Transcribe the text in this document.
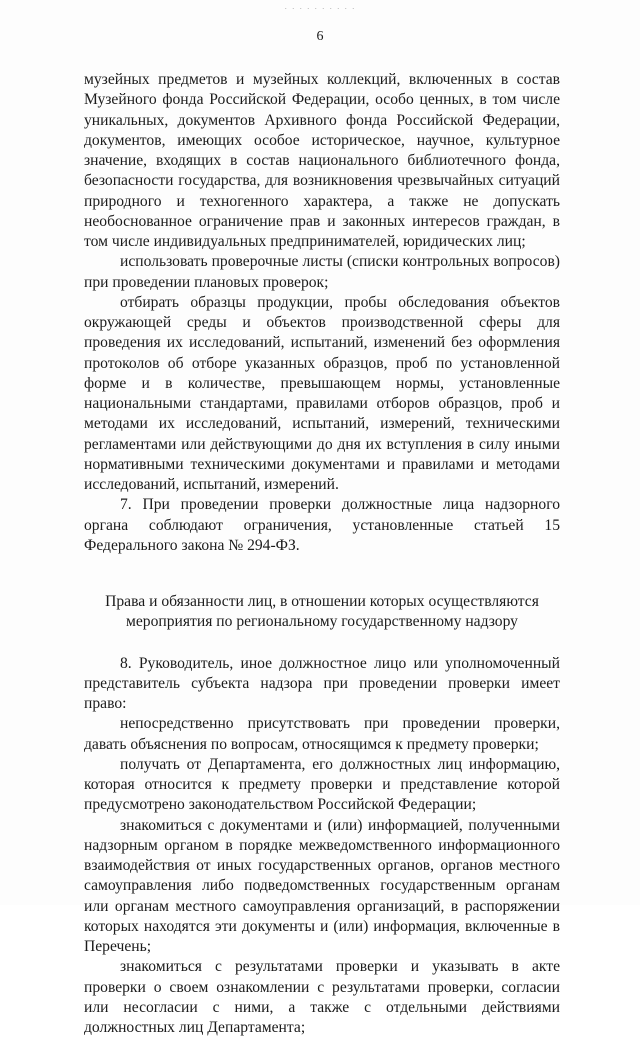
· · · · · · · · · ·
6

музейных предметов и музейных коллекций, включенных в состав Музейного фонда Российской Федерации, особо ценных, в том числе уникальных, документов Архивного фонда Российской Федерации, документов, имеющих особое историческое, научное, культурное значение, входящих в состав национального библиотечного фонда, безопасности государства, для возникновения чрезвычайных ситуаций природного и техногенного характера, а также не допускать необоснованное ограничение прав и законных интересов граждан, в том числе индивидуальных предпринимателей, юридических лиц;

использовать проверочные листы (списки контрольных вопросов) при проведении плановых проверок;

отбирать образцы продукции, пробы обследования объектов окружающей среды и объектов производственной сферы для проведения их исследований, испытаний, изменений без оформления протоколов об отборе указанных образцов, проб по установленной форме и в количестве, превышающем нормы, установленные национальными стандартами, правилами отборов образцов, проб и методами их исследований, испытаний, измерений, техническими регламентами или действующими до дня их вступления в силу иными нормативными техническими документами и правилами и методами исследований, испытаний, измерений.

7. При проведении проверки должностные лица надзорного органа соблюдают ограничения, установленные статьей 15 Федерального закона № 294-ФЗ.

Права и обязанности лиц, в отношении которых осуществляются
мероприятия по региональному государственному надзору

8. Руководитель, иное должностное лицо или уполномоченный представитель субъекта надзора при проведении проверки имеет право:

непосредственно присутствовать при проведении проверки, давать объяснения по вопросам, относящимся к предмету проверки;

получать от Департамента, его должностных лиц информацию, которая относится к предмету проверки и представление которой предусмотрено законодательством Российской Федерации;

знакомиться с документами и (или) информацией, полученными надзорным органом в порядке межведомственного информационного взаимодействия от иных государственных органов, органов местного самоуправления либо подведомственных государственным органам или органам местного самоуправления организаций, в распоряжении которых находятся эти документы и (или) информация, включенные в Перечень;

знакомиться с результатами проверки и указывать в акте проверки о своем ознакомлении с результатами проверки, согласии или несогласии с ними, а также с отдельными действиями должностных лиц Департамента;
